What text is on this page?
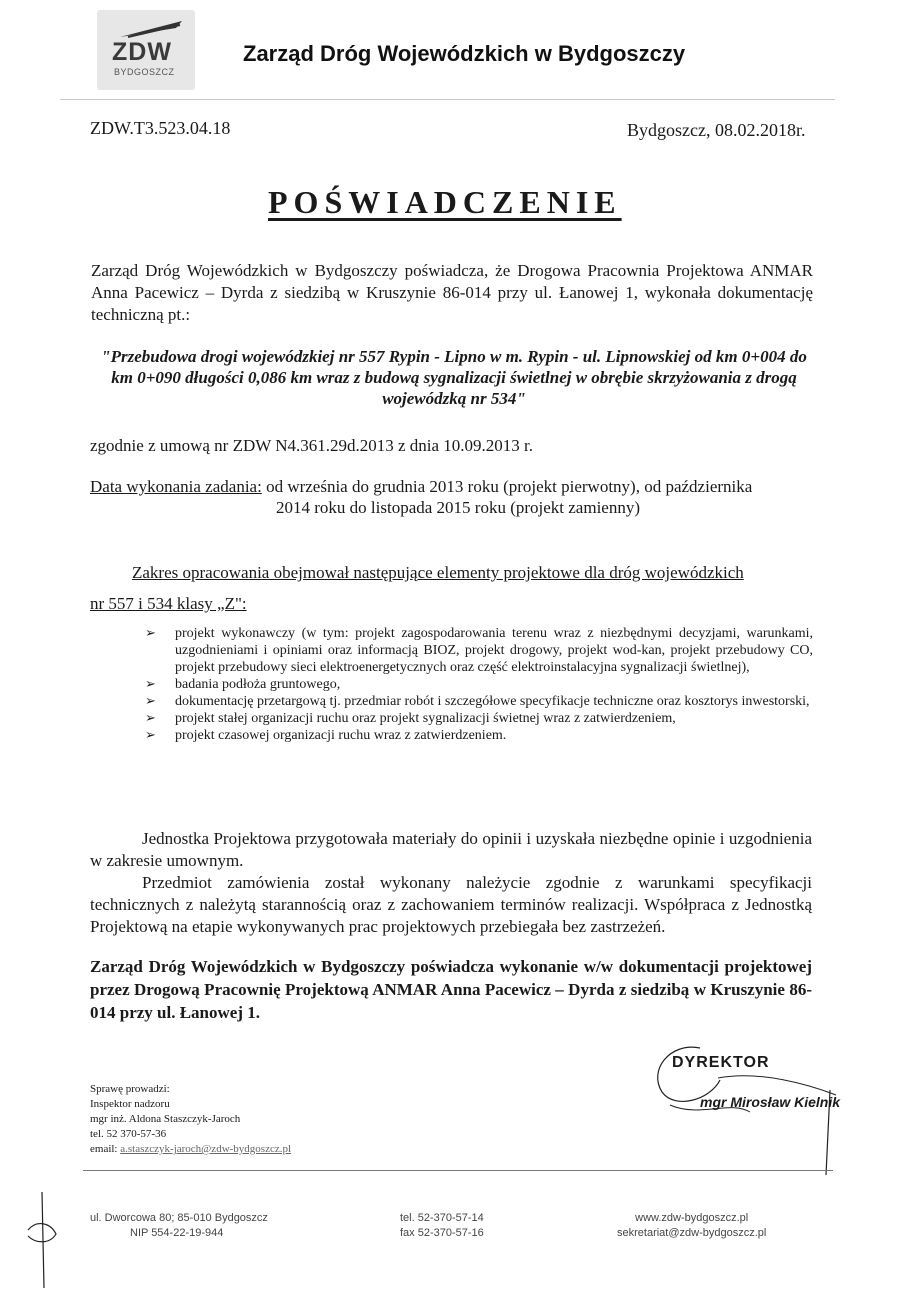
ZDW
BYDGOSZCZ
Zarząd Dróg Wojewódzkich w Bydgoszczy
ZDW.T3.523.04.18	Bydgoszcz, 08.02.2018r.
POŚWIADCZENIE
Zarząd Dróg Wojewódzkich w Bydgoszczy poświadcza, że Drogowa Pracownia Projektowa ANMAR Anna Pacewicz – Dyrda z siedzibą w Kruszynie 86-014 przy ul. Łanowej 1, wykonała dokumentację techniczną pt.:
"Przebudowa drogi wojewódzkiej nr 557 Rypin - Lipno w m. Rypin - ul. Lipnowskiej od km 0+004 do km 0+090 długości 0,086 km wraz z budową sygnalizacji świetlnej w obrębie skrzyżowania z drogą wojewódzką nr 534"
zgodnie z umową nr ZDW N4.361.29d.2013 z dnia 10.09.2013 r.
Data wykonania zadania: od września do grudnia 2013 roku (projekt pierwotny), od października
2014 roku do listopada 2015 roku (projekt zamienny)
Zakres opracowania obejmował następujące elementy projektowe dla dróg wojewódzkich
nr 557 i 534 klasy „Z":
➢ projekt wykonawczy (w tym: projekt zagospodarowania terenu wraz z niezbędnymi decyzjami, warunkami, uzgodnieniami i opiniami oraz informacją BIOZ, projekt drogowy, projekt wod-kan, projekt przebudowy CO, projekt przebudowy sieci elektroenergetycznych oraz część elektroinstalacyjna sygnalizacji świetlnej),
➢ badania podłoża gruntowego,
➢ dokumentację przetargową tj. przedmiar robót i szczegółowe specyfikacje techniczne oraz kosztorys inwestorski,
➢ projekt stałej organizacji ruchu oraz projekt sygnalizacji świetnej wraz z zatwierdzeniem,
➢ projekt czasowej organizacji ruchu wraz z zatwierdzeniem.
Jednostka Projektowa przygotowała materiały do opinii i uzyskała niezbędne opinie i uzgodnienia w zakresie umownym.
Przedmiot zamówienia został wykonany należycie zgodnie z warunkami specyfikacji technicznych z należytą starannością oraz z zachowaniem terminów realizacji. Współpraca z Jednostką Projektową na etapie wykonywanych prac projektowych przebiegała bez zastrzeżeń.
Zarząd Dróg Wojewódzkich w Bydgoszczy poświadcza wykonanie w/w dokumentacji projektowej przez Drogową Pracownię Projektową ANMAR Anna Pacewicz – Dyrda z siedzibą w Kruszynie 86-014 przy ul. Łanowej 1.
DYREKTOR
mgr Mirosław Kielnik
Sprawę prowadzi:
Inspektor nadzoru
mgr inż. Aldona Staszczyk-Jaroch
tel. 52 370-57-36
email: a.staszczyk-jaroch@zdw-bydgoszcz.pl
ul. Dworcowa 80; 85-010 Bydgoszcz
NIP 554-22-19-944
tel. 52-370-57-14
fax 52-370-57-16
www.zdw-bydgoszcz.pl
sekretariat@zdw-bydgoszcz.pl
